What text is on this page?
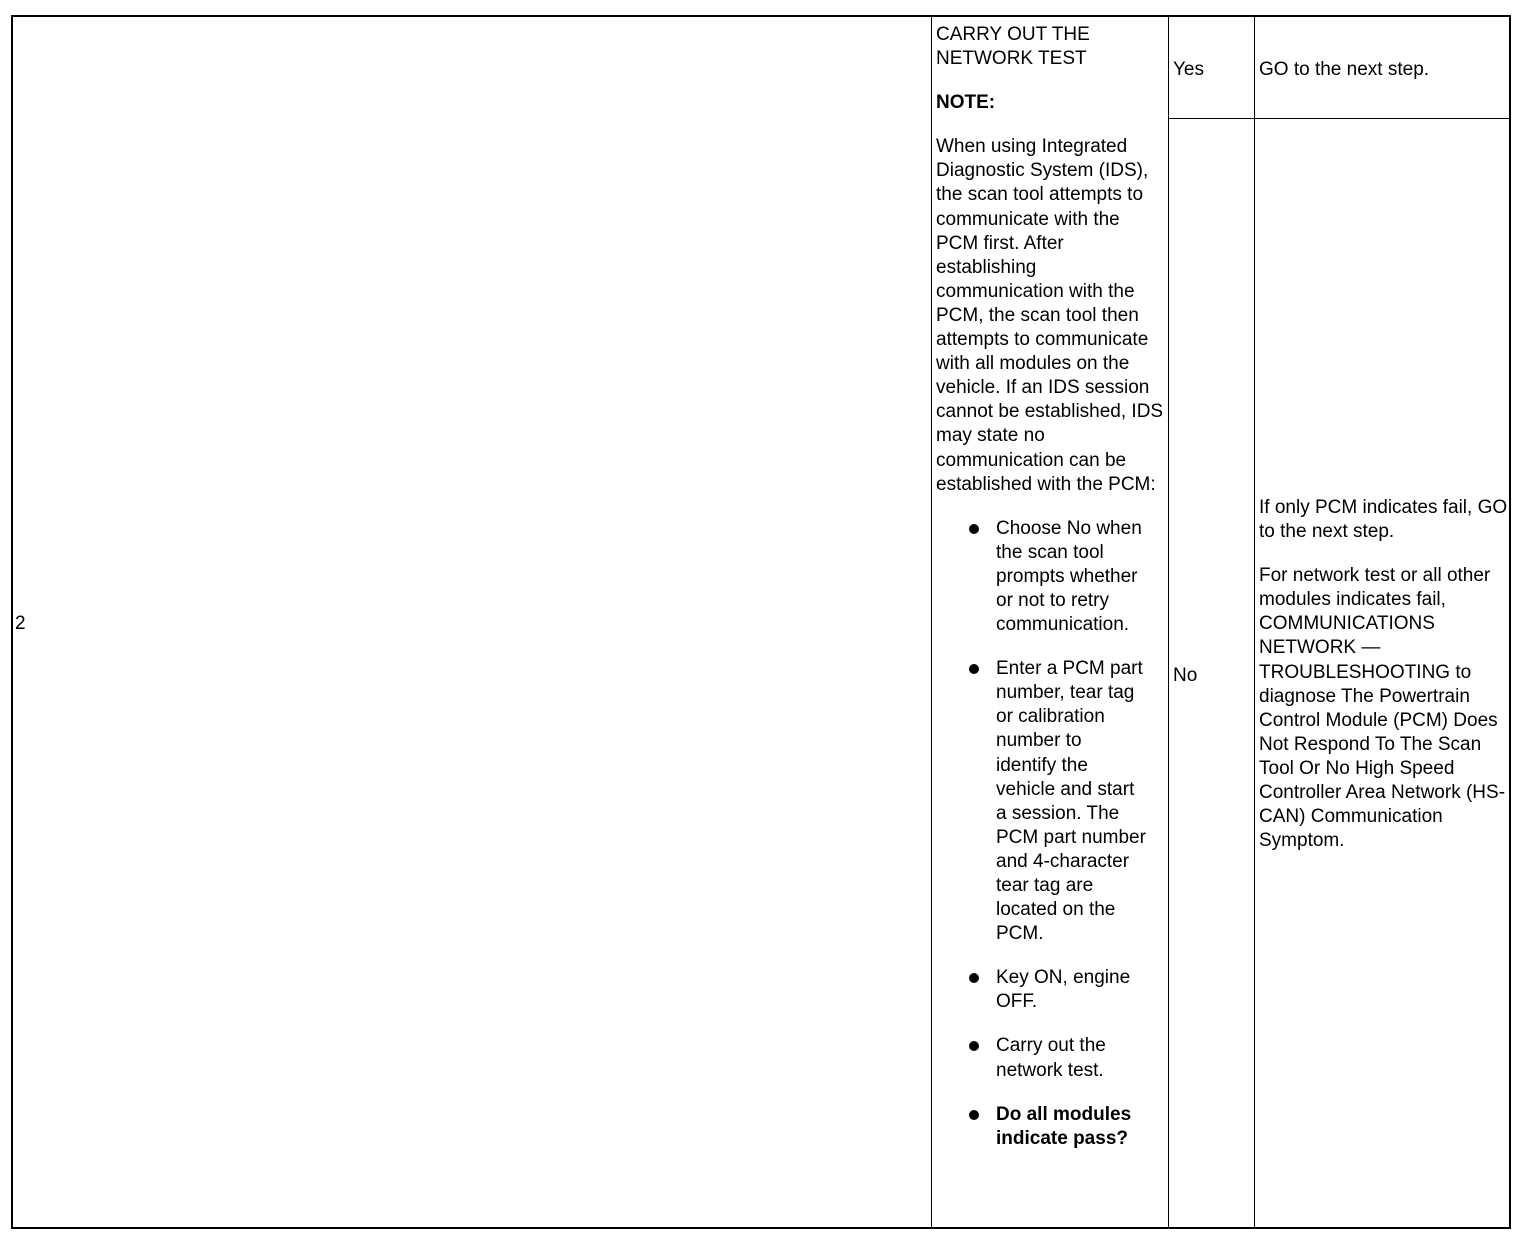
2

CARRY OUT THE NETWORK TEST

NOTE:

When using Integrated Diagnostic System (IDS), the scan tool attempts to communicate with the PCM first. After establishing communication with the PCM, the scan tool then attempts to communicate with all modules on the vehicle. If an IDS session cannot be established, IDS may state no communication can be established with the PCM:

Choose No when the scan tool prompts whether or not to retry communication.
Enter a PCM part number, tear tag or calibration number to identify the vehicle and start a session. The PCM part number and 4-character tear tag are located on the PCM.
Key ON, engine OFF.
Carry out the network test.
Do all modules indicate pass?
Yes	GO to the next step.
No

If only PCM indicates fail, GO to the next step.

For network test or all other modules indicates fail, COMMUNICATIONS NETWORK — TROUBLESHOOTING to diagnose The Powertrain Control Module (PCM) Does Not Respond To The Scan Tool Or No High Speed Controller Area Network (HS-CAN) Communication Symptom.
